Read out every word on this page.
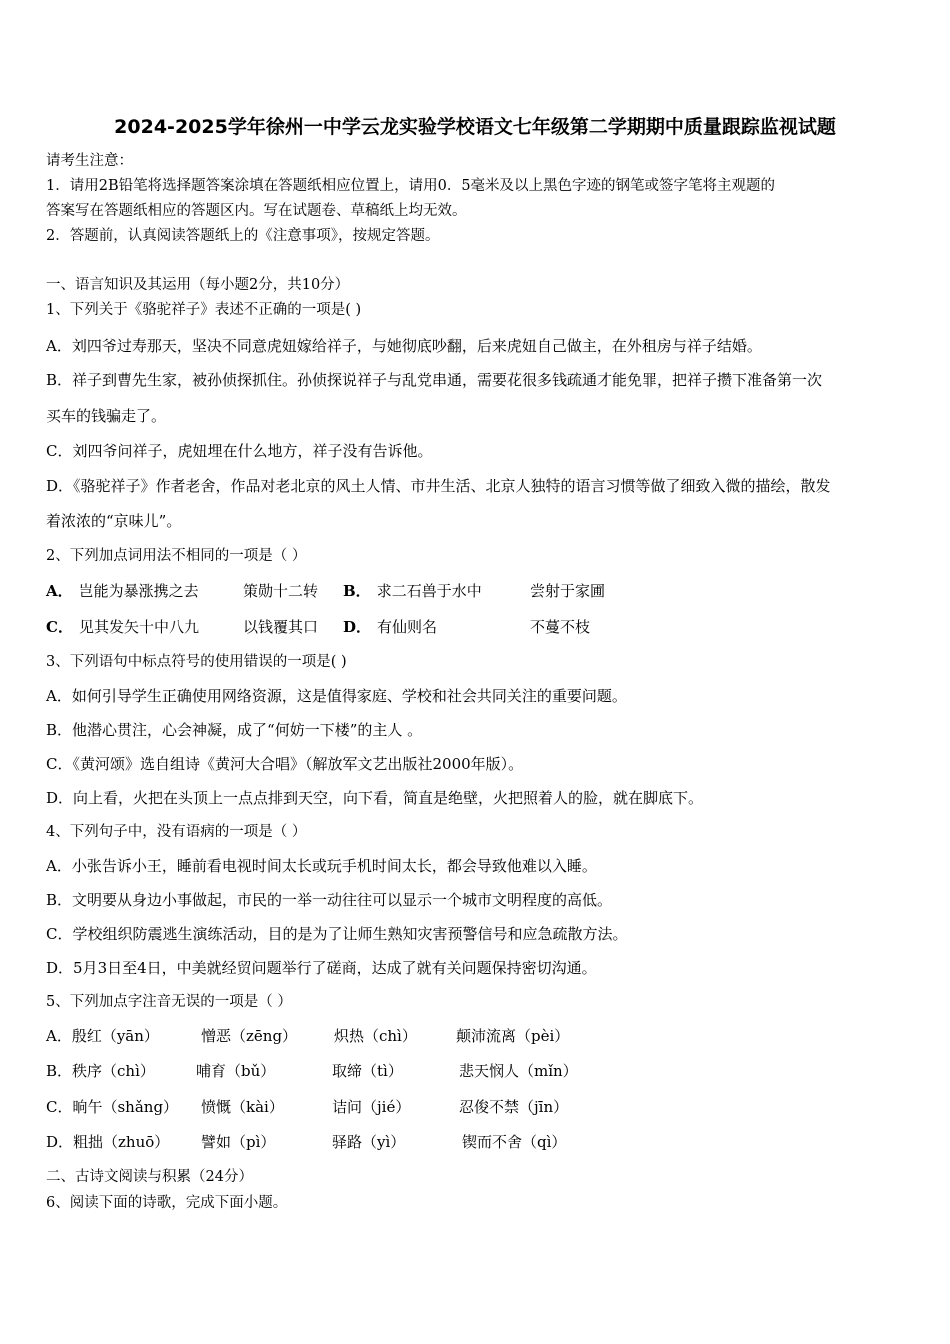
2024-2025学年徐州一中学云龙实验学校语文七年级第二学期期中质量跟踪监视试题
请考生注意：
1．请用2B铅笔将选择题答案涂填在答题纸相应位置上，请用0．5毫米及以上黑色字迹的钢笔或签字笔将主观题的
答案写在答题纸相应的答题区内。写在试题卷、草稿纸上均无效。
2．答题前，认真阅读答题纸上的《注意事项》，按规定答题。
一、语言知识及其运用（每小题2分，共10分）
1、下列关于《骆驼祥子》表述不正确的一项是( )
A．刘四爷过寿那天，坚决不同意虎妞嫁给祥子，与她彻底吵翻，后来虎妞自己做主，在外租房与祥子结婚。
B．祥子到曹先生家，被孙侦探抓住。孙侦探说祥子与乱党串通，需要花很多钱疏通才能免罪，把祥子攒下准备第一次
买车的钱骗走了。
C．刘四爷问祥子，虎妞埋在什么地方，祥子没有告诉他。
D．《骆驼祥子》作者老舍，作品对老北京的风土人情、市井生活、北京人独特的语言习惯等做了细致入微的描绘，散发
着浓浓的“京味儿”。
2、下列加点词用法不相同的一项是（ ）
A． 岂能为暴涨携之去	策勋十二转 B． 求二石兽于水中	尝射于家圃
C． 见其发矢十中八九	以钱覆其口 D． 有仙则名	不蔓不枝
3、下列语句中标点符号的使用错误的一项是( )
A．如何引导学生正确使用网络资源，这是值得家庭、学校和社会共同关注的重要问题。
B．他潜心贯注，心会神凝，成了“何妨一下楼”的主人 。
C．《黄河颂》选自组诗《黄河大合唱》（解放军文艺出版社2000年版）。
D．向上看，火把在头顶上一点点排到天空，向下看，简直是绝壁，火把照着人的脸，就在脚底下。
4、下列句子中，没有语病的一项是（ ）
A．小张告诉小王，睡前看电视时间太长或玩手机时间太长，都会导致他难以入睡。
B．文明要从身边小事做起，市民的一举一动往往可以显示一个城市文明程度的高低。
C．学校组织防震逃生演练活动，目的是为了让师生熟知灾害预警信号和应急疏散方法。
D．5月3日至4日，中美就经贸问题举行了磋商，达成了就有关问题保持密切沟通。
5、下列加点字注音无误的一项是（ ）
A．殷红（yān）	憎恶（zēng） 炽热（chì）	颠沛流离（pèi）
B．秩序（chì）	哺育（bǔ）	取缔（tì）	悲天悯人（mǐn）
C．晌午（shǎng） 愤慨（kài）	诘问（jié）	忍俊不禁（jīn）
D．粗拙（zhuō） 譬如（pì）	驿路（yì）	锲而不舍（qì）
二、古诗文阅读与积累（24分）
6、阅读下面的诗歌，完成下面小题。
